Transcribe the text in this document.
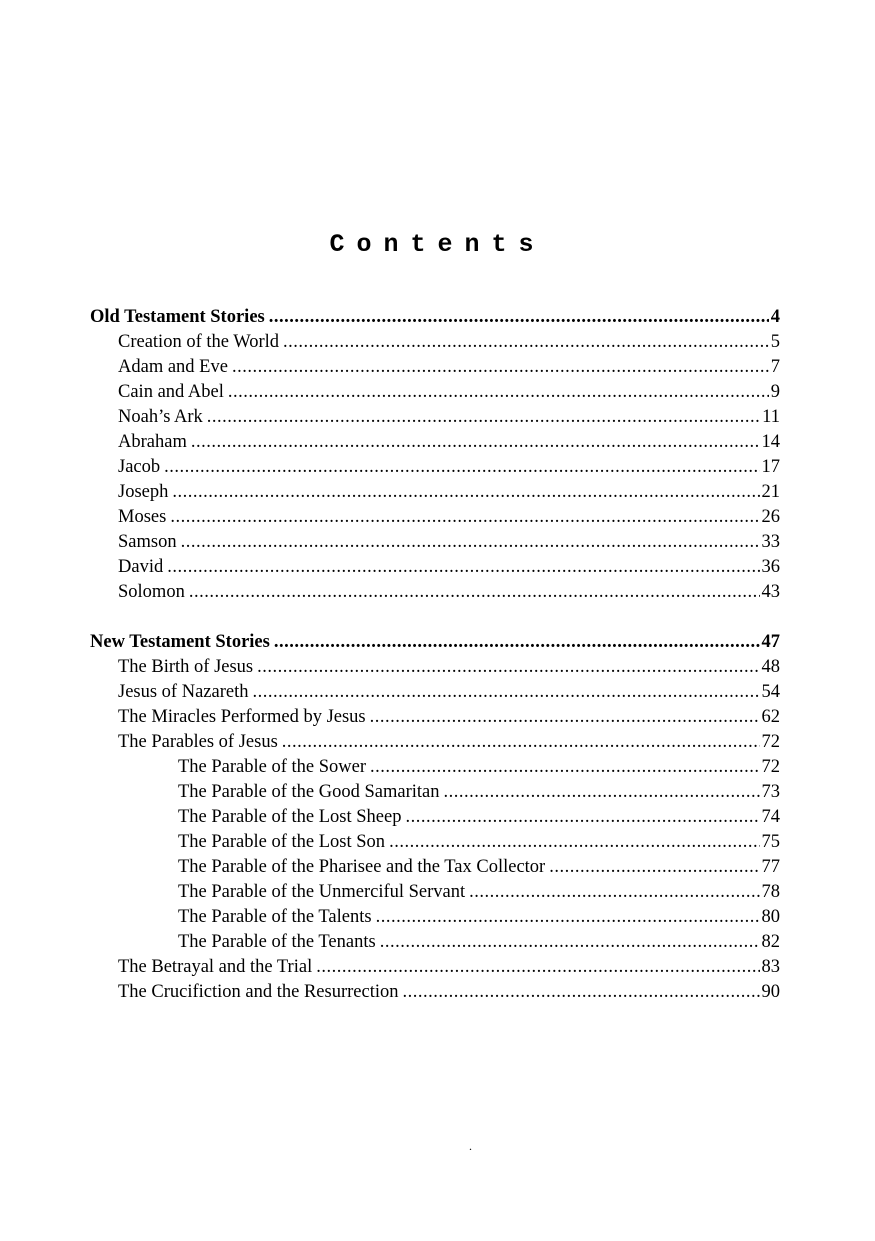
Contents
Old Testament Stories .....	4
Creation of the World .....	5
Adam and Eve .....	7
Cain and Abel .....	9
Noah’s Ark .....	11
Abraham .....	14
Jacob .....	17
Joseph .....	21
Moses .....	26
Samson .....	33
David .....	36
Solomon .....	43
New Testament Stories .....	47
The Birth of Jesus .....	48
Jesus of Nazareth .....	54
The Miracles Performed by Jesus .....	62
The Parables of Jesus .....	72
The Parable of the Sower .....	72
The Parable of the Good Samaritan .....	73
The Parable of the Lost Sheep .....	74
The Parable of the Lost Son .....	75
The Parable of the Pharisee and the Tax Collector .....	77
The Parable of the Unmerciful Servant .....	78
The Parable of the Talents .....	80
The Parable of the Tenants .....	82
The Betrayal and the Trial .....	83
The Crucifiction and the Resurrection .....	90
.
